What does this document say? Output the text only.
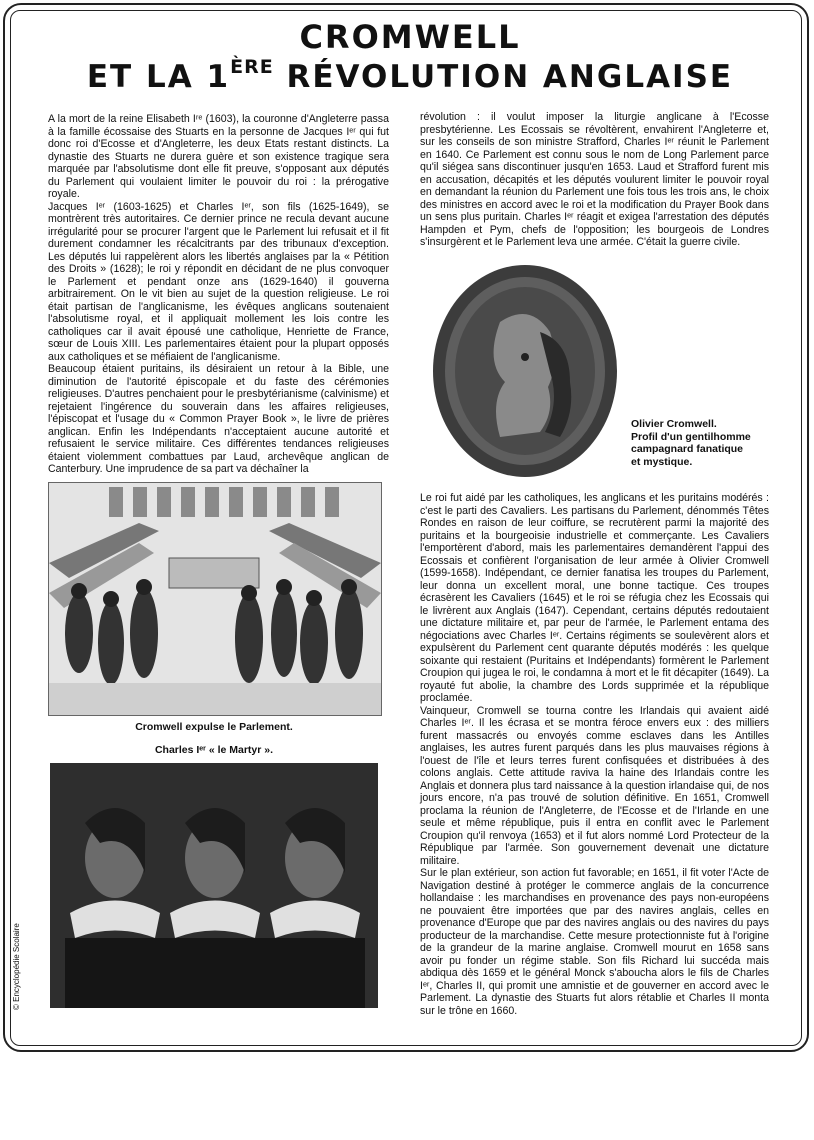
CROMWELL
ET LA 1ÈRE RÉVOLUTION ANGLAISE

A la mort de la reine Elisabeth Iʳᵉ (1603), la couronne d'Angleterre passa à la famille écossaise des Stuarts en la personne de Jacques Iᵉʳ qui fut donc roi d'Ecosse et d'Angleterre, les deux Etats restant distincts. La dynastie des Stuarts ne durera guère et son existence tragique sera marquée par l'absolutisme dont elle fit preuve, s'opposant aux députés du Parlement qui voulaient limiter le pouvoir du roi : la prérogative royale.

Jacques Iᵉʳ (1603-1625) et Charles Iᵉʳ, son fils (1625-1649), se montrèrent très autoritaires. Ce dernier prince ne recula devant aucune irrégularité pour se procurer l'argent que le Parlement lui refusait et il fit durement condamner les récalcitrants par des tribunaux d'exception. Les députés lui rappelèrent alors les libertés anglaises par la « Pétition des Droits » (1628); le roi y répondit en décidant de ne plus convoquer le Parlement et pendant onze ans (1629-1640) il gouverna arbitrairement. On le vit bien au sujet de la question religieuse. Le roi était partisan de l'anglicanisme, les évêques anglicans soutenaient l'absolutisme royal, et il appliquait mollement les lois contre les catholiques car il avait épousé une catholique, Henriette de France, sœur de Louis XIII. Les parlementaires étaient pour la plupart opposés aux catholiques et se méfiaient de l'anglicanisme.

Beaucoup étaient puritains, ils désiraient un retour à la Bible, une diminution de l'autorité épiscopale et du faste des cérémonies religieuses. D'autres penchaient pour le presbytérianisme (calvinisme) et rejetaient l'ingérence du souverain dans les affaires religieuses, l'épiscopat et l'usage du « Common Prayer Book », le livre de prières anglican. Enfin les Indépendants n'acceptaient aucune autorité et refusaient le service militaire. Ces différentes tendances religieuses étaient violemment combattues par Laud, archevêque anglican de Canterbury. Une imprudence de sa part va déchaîner la

révolution : il voulut imposer la liturgie anglicane à l'Ecosse presbytérienne. Les Ecossais se révoltèrent, envahirent l'Angleterre et, sur les conseils de son ministre Strafford, Charles Iᵉʳ réunit le Parlement en 1640. Ce Parlement est connu sous le nom de Long Parlement parce qu'il siégea sans discontinuer jusqu'en 1653. Laud et Strafford furent mis en accusation, décapités et les députés voulurent limiter le pouvoir royal en demandant la réunion du Parlement une fois tous les trois ans, le choix des ministres en accord avec le roi et la modification du Prayer Book dans un sens plus puritain. Charles Iᵉʳ réagit et exigea l'arrestation des députés Hampden et Pym, chefs de l'opposition; les bourgeois de Londres s'insurgèrent et le Parlement leva une armée. C'était la guerre civile.

Cromwell expulse le Parlement.
Charles Iᵉʳ « le Martyr ».
Olivier Cromwell.
Profil d'un gentilhomme
campagnard fanatique
et mystique.

Le roi fut aidé par les catholiques, les anglicans et les puritains modérés : c'est le parti des Cavaliers. Les partisans du Parlement, dénommés Têtes Rondes en raison de leur coiffure, se recrutèrent parmi la majorité des puritains et la bourgeoisie industrielle et commerçante. Les Cavaliers l'emportèrent d'abord, mais les parlementaires demandèrent l'appui des Ecossais et confièrent l'organisation de leur armée à Olivier Cromwell (1599-1658). Indépendant, ce dernier fanatisa les troupes du Parlement, leur donna un excellent moral, une bonne tactique. Ces troupes écrasèrent les Cavaliers (1645) et le roi se réfugia chez les Ecossais qui le livrèrent aux Anglais (1647). Cependant, certains députés redoutaient une dictature militaire et, par peur de l'armée, le Parlement entama des négociations avec Charles Iᵉʳ. Certains régiments se soulevèrent alors et expulsèrent du Parlement cent quarante députés modérés : les quelque soixante qui restaient (Puritains et Indépendants) formèrent le Parlement Croupion qui jugea le roi, le condamna à mort et le fit décapiter (1649). La royauté fut abolie, la chambre des Lords supprimée et la république proclamée.

Vainqueur, Cromwell se tourna contre les Irlandais qui avaient aidé Charles Iᵉʳ. Il les écrasa et se montra féroce envers eux : des milliers furent massacrés ou envoyés comme esclaves dans les Antilles anglaises, les autres furent parqués dans les plus mauvaises régions à l'ouest de l'île et leurs terres furent confisquées et distribuées à des colons anglais. Cette attitude raviva la haine des Irlandais contre les Anglais et donnera plus tard naissance à la question irlandaise qui, de nos jours encore, n'a pas trouvé de solution définitive. En 1651, Cromwell proclama la réunion de l'Angleterre, de l'Ecosse et de l'Irlande en une seule et même république, puis il entra en conflit avec le Parlement Croupion qu'il renvoya (1653) et il fut alors nommé Lord Protecteur de la République par l'armée. Son gouvernement devenait une dictature militaire.

Sur le plan extérieur, son action fut favorable; en 1651, il fit voter l'Acte de Navigation destiné à protéger le commerce anglais de la concurrence hollandaise : les marchandises en provenance des pays non-européens ne pouvaient être importées que par des navires anglais, celles en provenance d'Europe que par des navires anglais ou des navires du pays producteur de la marchandise. Cette mesure protectionniste fut à l'origine de la grandeur de la marine anglaise. Cromwell mourut en 1658 sans avoir pu fonder un régime stable. Son fils Richard lui succéda mais abdiqua dès 1659 et le général Monck s'aboucha alors le fils de Charles Iᵉʳ, Charles II, qui promit une amnistie et de gouverner en accord avec le Parlement. La dynastie des Stuarts fut alors rétablie et Charles II monta sur le trône en 1660.

© Encyclopédie Scolaire
